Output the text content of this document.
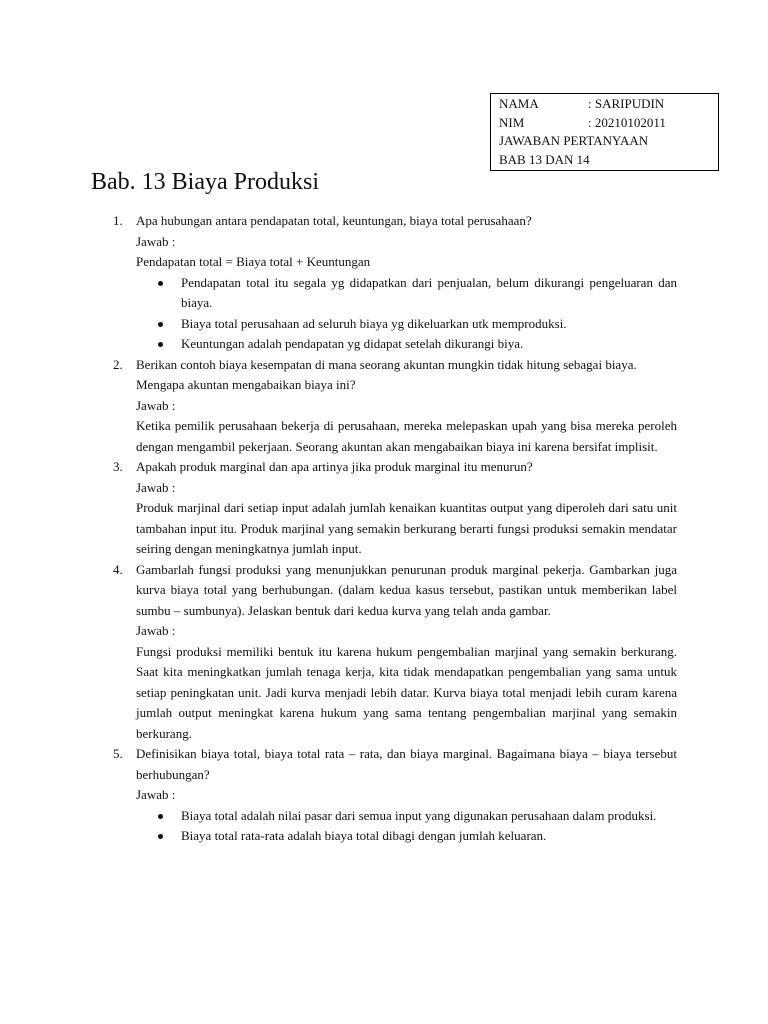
NAMA	: SARIPUDIN
NIM	: 20210102011
JAWABAN PERTANYAAN
BAB 13 DAN 14
Bab. 13 Biaya Produksi
1. Apa hubungan antara pendapatan total, keuntungan, biaya total perusahaan?
Jawab :
Pendapatan total = Biaya total + Keuntungan
Pendapatan total itu segala yg didapatkan dari penjualan, belum dikurangi pengeluaran dan biaya.
Biaya total perusahaan ad seluruh biaya yg dikeluarkan utk memproduksi.
Keuntungan adalah pendapatan yg didapat setelah dikurangi biya.
2. Berikan contoh biaya kesempatan di mana seorang akuntan mungkin tidak hitung sebagai biaya. Mengapa akuntan mengabaikan biaya ini?
Jawab :
Ketika pemilik perusahaan bekerja di perusahaan, mereka melepaskan upah yang bisa mereka peroleh dengan mengambil pekerjaan. Seorang akuntan akan mengabaikan biaya ini karena bersifat implisit.
3. Apakah produk marginal dan apa artinya jika produk marginal itu menurun?
Jawab :
Produk marjinal dari setiap input adalah jumlah kenaikan kuantitas output yang diperoleh dari satu unit tambahan input itu. Produk marjinal yang semakin berkurang berarti fungsi produksi semakin mendatar seiring dengan meningkatnya jumlah input.
4. Gambarlah fungsi produksi yang menunjukkan penurunan produk marginal pekerja. Gambarkan juga kurva biaya total yang berhubungan. (dalam kedua kasus tersebut, pastikan untuk memberikan label sumbu – sumbunya). Jelaskan bentuk dari kedua kurva yang telah anda gambar.
Jawab :
Fungsi produksi memiliki bentuk itu karena hukum pengembalian marjinal yang semakin berkurang. Saat kita meningkatkan jumlah tenaga kerja, kita tidak mendapatkan pengembalian yang sama untuk setiap peningkatan unit. Jadi kurva menjadi lebih datar. Kurva biaya total menjadi lebih curam karena jumlah output meningkat karena hukum yang sama tentang pengembalian marjinal yang semakin berkurang.
5. Definisikan biaya total, biaya total rata – rata, dan biaya marginal. Bagaimana biaya – biaya tersebut berhubungan?
Jawab :
Biaya total adalah nilai pasar dari semua input yang digunakan perusahaan dalam produksi.
Biaya total rata-rata adalah biaya total dibagi dengan jumlah keluaran.
